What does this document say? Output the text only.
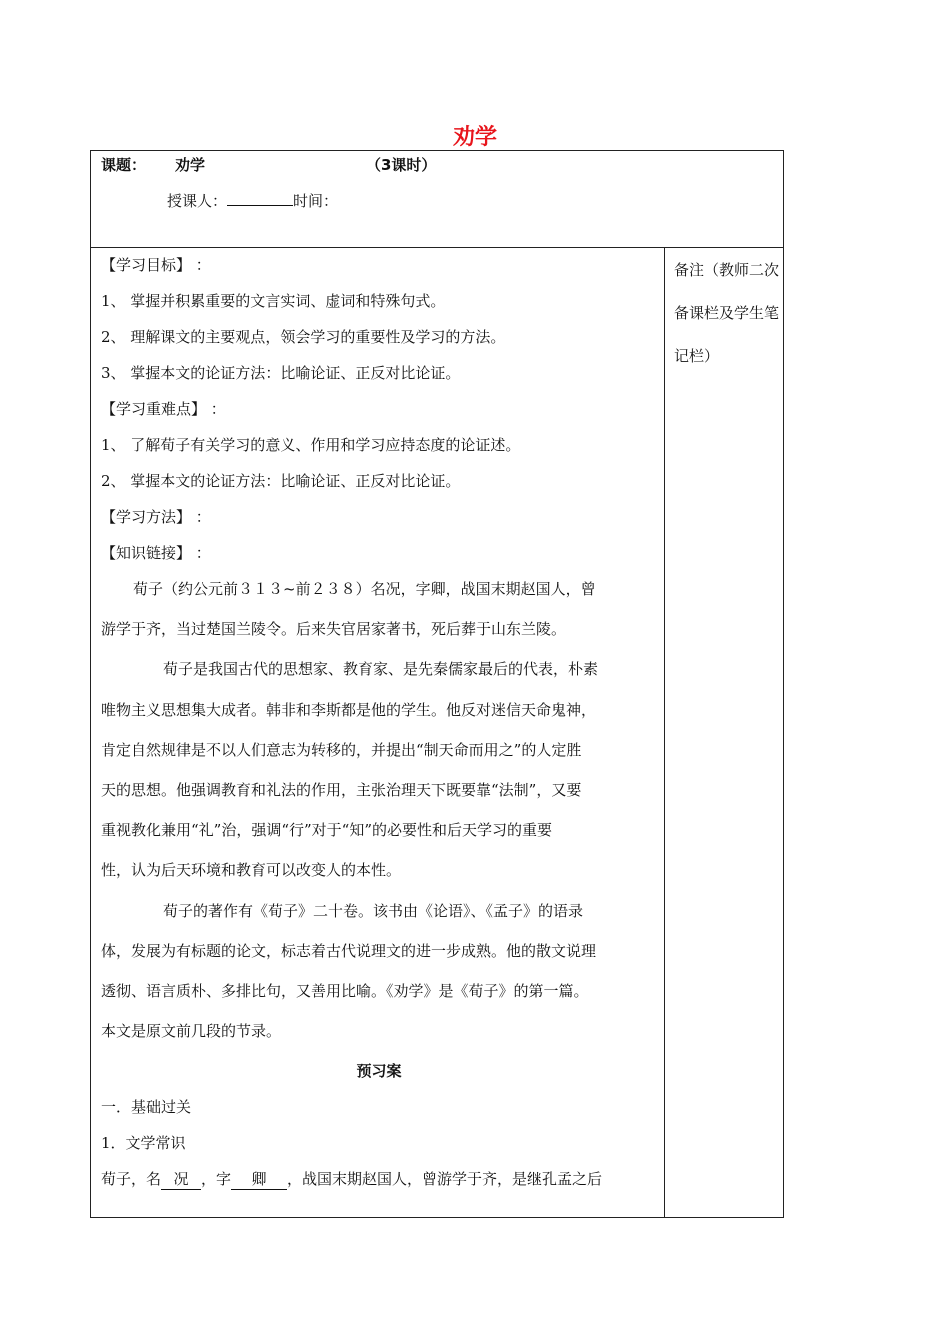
劝学
课题： 劝学	（3课时）
授课人：	时间：
【学习目标】 ：
1、 掌握并积累重要的文言实词、虚词和特殊句式。
2、 理解课文的主要观点，领会学习的重要性及学习的方法。
3、 掌握本文的论证方法：比喻论证、正反对比论证。
【学习重难点】 ：
1、 了解荀子有关学习的意义、作用和学习应持态度的论证述。
2、 掌握本文的论证方法：比喻论证、正反对比论证。
【学习方法】 ：
【知识链接】 ：
荀子（约公元前３１３~前２３８）名况，字卿，战国末期赵国人，曾
游学于齐，当过楚国兰陵令。后来失官居家著书，死后葬于山东兰陵。
荀子是我国古代的思想家、教育家、是先秦儒家最后的代表，朴素
唯物主义思想集大成者。韩非和李斯都是他的学生。他反对迷信天命鬼神，
肯定自然规律是不以人们意志为转移的，并提出“制天命而用之”的人定胜
天的思想。他强调教育和礼法的作用，主张治理天下既要靠“法制”，又要
重视教化兼用“礼”治，强调“行”对于“知”的必要性和后天学习的重要
性，认为后天环境和教育可以改变人的本性。
荀子的著作有《荀子》二十卷。该书由《论语》、《孟子》的语录
体，发展为有标题的论文，标志着古代说理文的进一步成熟。他的散文说理
透彻、语言质朴、多排比句，又善用比喻。《劝学》是《荀子》的第一篇。
本文是原文前几段的节录。
预习案
一．基础过关
1．文学常识
荀子，名 况 ，字 卿 ，战国末期赵国人，曾游学于齐，是继孔孟之后
备注（教师二次备课栏及学生笔记栏）
